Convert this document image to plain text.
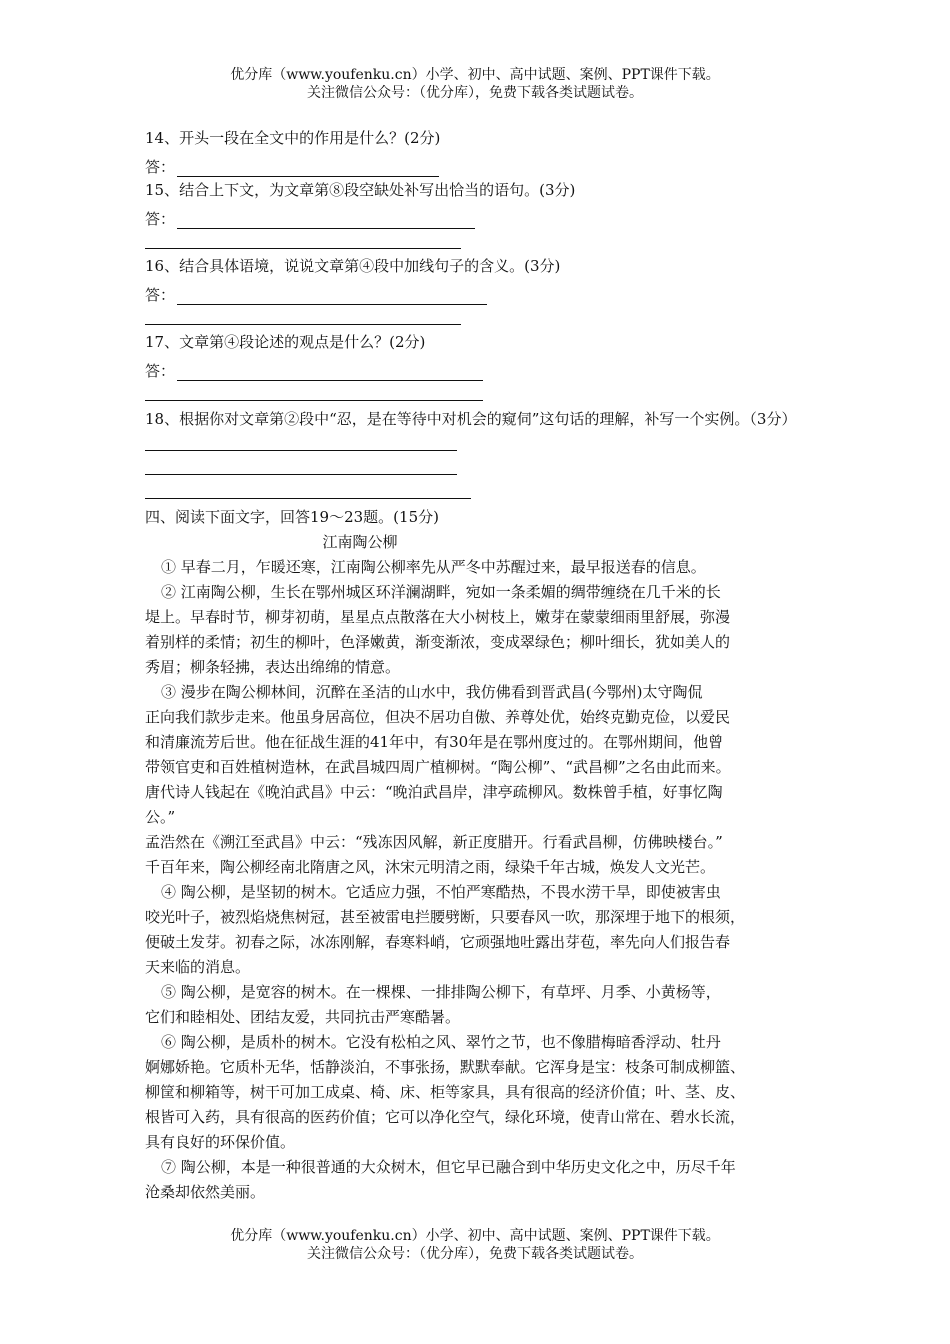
优分库（www.youfenku.cn）小学、初中、高中试题、案例、PPT课件下载。
关注微信公众号：（优分库），免费下载各类试题试卷。
14、开头一段在全文中的作用是什么？(2分)
答：
15、结合上下文，为文章第⑧段空缺处补写出恰当的语句。(3分)
答：
16、结合具体语境，说说文章第④段中加线句子的含义。(3分)
答：
17、文章第④段论述的观点是什么？(2分)
答：
18、根据你对文章第②段中“忍，是在等待中对机会的窥伺”这句话的理解，补写一个实例。（3分）
四、阅读下面文字，回答19～23题。(15分)
江南陶公柳
① 早春二月，乍暖还寒，江南陶公柳率先从严冬中苏醒过来，最早报送春的信息。
② 江南陶公柳，生长在鄂州城区环洋澜湖畔，宛如一条柔媚的绸带缠绕在几千米的长
堤上。早春时节，柳芽初萌，星星点点散落在大小树枝上，嫩芽在蒙蒙细雨里舒展，弥漫
着别样的柔情；初生的柳叶，色泽嫩黄，渐变渐浓，变成翠绿色；柳叶细长，犹如美人的
秀眉；柳条轻拂，表达出绵绵的情意。
③ 漫步在陶公柳林间，沉醉在圣洁的山水中，我仿佛看到晋武昌(今鄂州)太守陶侃
正向我们款步走来。他虽身居高位，但决不居功自傲、养尊处优，始终克勤克俭，以爱民
和清廉流芳后世。他在征战生涯的41年中，有30年是在鄂州度过的。在鄂州期间，他曾
带领官吏和百姓植树造林，在武昌城四周广植柳树。“陶公柳”、“武昌柳”之名由此而来。
唐代诗人钱起在《晚泊武昌》中云：“晚泊武昌岸，津亭疏柳风。数株曾手植，好事忆陶
公。”
孟浩然在《溯江至武昌》中云：“残冻因风解，新正度腊开。行看武昌柳，仿佛映楼台。”
千百年来，陶公柳经南北隋唐之风，沐宋元明清之雨，绿染千年古城，焕发人文光芒。
④ 陶公柳，是坚韧的树木。它适应力强，不怕严寒酷热，不畏水涝干旱，即使被害虫
咬光叶子，被烈焰烧焦树冠，甚至被雷电拦腰劈断，只要春风一吹，那深埋于地下的根须，
便破土发芽。初春之际，冰冻刚解，春寒料峭，它顽强地吐露出芽苞，率先向人们报告春
天来临的消息。
⑤ 陶公柳，是宽容的树木。在一棵棵、一排排陶公柳下，有草坪、月季、小黄杨等，
它们和睦相处、团结友爱，共同抗击严寒酷暑。
⑥ 陶公柳，是质朴的树木。它没有松柏之风、翠竹之节，也不像腊梅暗香浮动、牡丹
婀娜娇艳。它质朴无华，恬静淡泊，不事张扬，默默奉献。它浑身是宝：枝条可制成柳篮、
柳筐和柳箱等，树干可加工成桌、椅、床、柜等家具，具有很高的经济价值；叶、茎、皮、
根皆可入药，具有很高的医药价值；它可以净化空气，绿化环境，使青山常在、碧水长流，
具有良好的环保价值。
⑦ 陶公柳，本是一种很普通的大众树木，但它早已融合到中华历史文化之中，历尽千年
沧桑却依然美丽。
优分库（www.youfenku.cn）小学、初中、高中试题、案例、PPT课件下载。
关注微信公众号：（优分库），免费下载各类试题试卷。
